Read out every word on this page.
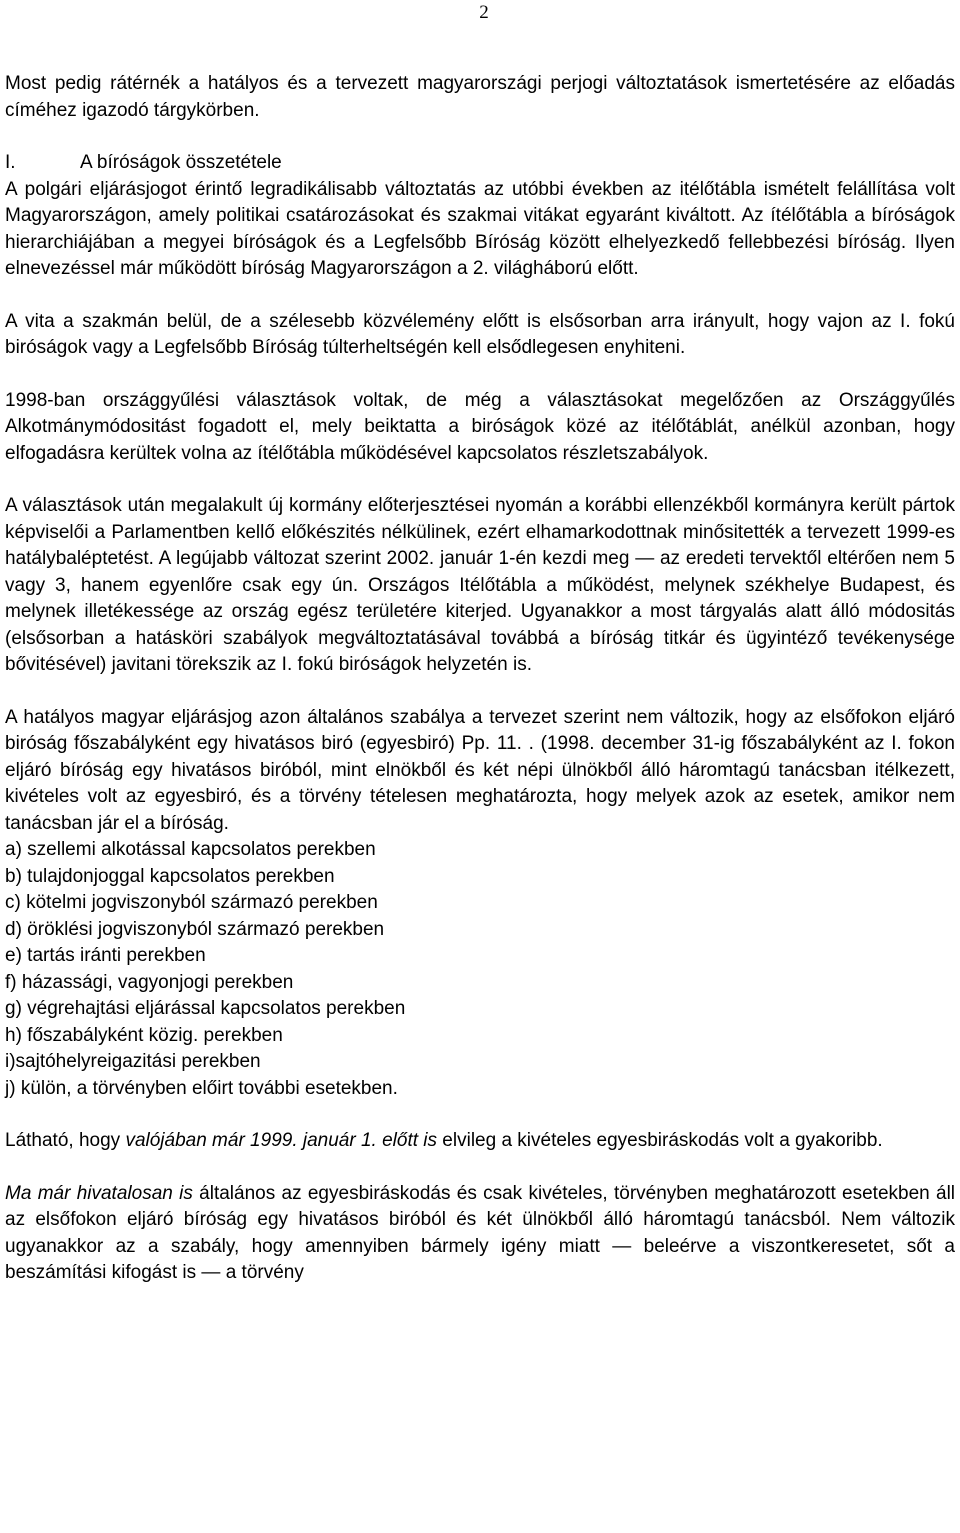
2

Most pedig rátérnék a hatályos és a tervezett magyarországi perjogi változtatások ismertetésére az előadás címéhez igazodó tárgykörben.

I.	A bíróságok összetétele

A polgári eljárásjogot érintő legradikálisabb változtatás az utóbbi években az itélőtábla ismételt felállítása volt Magyarországon, amely politikai csatározásokat és szakmai vitákat egyaránt kiváltott. Az ítélőtábla a bíróságok hierarchiájában a megyei bíróságok és a Legfelsőbb Bíróság között elhelyezkedő fellebbezési bíróság. Ilyen elnevezéssel már működött bíróság Magyarországon a 2. világháború előtt.

A vita a szakmán belül, de a szélesebb közvélemény előtt is elsősorban arra irányult, hogy vajon az I. fokú biróságok vagy a Legfelsőbb Bíróság túlterheltségén kell elsődlegesen enyhiteni.

1998-ban országgyűlési választások voltak, de még a választásokat megelőzően az Országgyűlés Alkotmánymódositást fogadott el, mely beiktatta a biróságok közé az itélőtáblát, anélkül azonban, hogy elfogadásra kerültek volna az ítélőtábla működésével kapcsolatos részletszabályok.

A választások után megalakult új kormány előterjesztései nyomán a korábbi ellenzékből kormányra került pártok képviselői a Parlamentben kellő előkészités nélkülinek, ezért elhamarkodottnak minősitették a tervezett 1999-es hatálybaléptetést. A legújabb változat szerint 2002. január 1-én kezdi meg — az eredeti tervektől eltérően nem 5 vagy 3, hanem egyenlőre csak egy ún. Országos Itélőtábla a működést, melynek székhelye Budapest, és melynek illetékessége az ország egész területére kiterjed. Ugyanakkor a most tárgyalás alatt álló módositás (elsősorban a hatásköri szabályok megváltoztatásával továbbá a bíróság titkár és ügyintéző tevékenysége bővitésével) javitani törekszik az I. fokú biróságok helyzetén is.

A hatályos magyar eljárásjog azon általános szabálya a tervezet szerint nem változik, hogy az elsőfokon eljáró biróság főszabályként egy hivatásos biró (egyesbiró) Pp. 11. . (1998. december 31-ig főszabályként az I. fokon eljáró bíróság egy hivatásos biróból, mint elnökből és két népi ülnökből álló háromtagú tanácsban itélkezett, kivételes volt az egyesbiró, és a törvény tételesen meghatározta, hogy melyek azok az esetek, amikor nem tanácsban jár el a bíróság.

a) szellemi alkotással kapcsolatos perekben

b) tulajdonjoggal kapcsolatos perekben

c) kötelmi jogviszonyból származó perekben

d) öröklési jogviszonyból származó perekben

e) tartás iránti perekben

f) házassági, vagyonjogi perekben

g) végrehajtási eljárással kapcsolatos perekben

h) főszabályként közig. perekben

i)sajtóhelyreigazitási perekben

j) külön, a törvényben előirt további esetekben.

Látható, hogy valójában már 1999. január 1. előtt is elvileg a kivételes egyesbiráskodás volt a gyakoribb.

Ma már hivatalosan is általános az egyesbiráskodás és csak kivételes, törvényben meghatározott esetekben áll az elsőfokon eljáró bíróság egy hivatásos biróból és két ülnökből álló háromtagú tanácsból. Nem változik ugyanakkor az a szabály, hogy amennyiben bármely igény miatt — beleérve a viszontkeresetet, sőt a beszámítási kifogást is — a törvény
